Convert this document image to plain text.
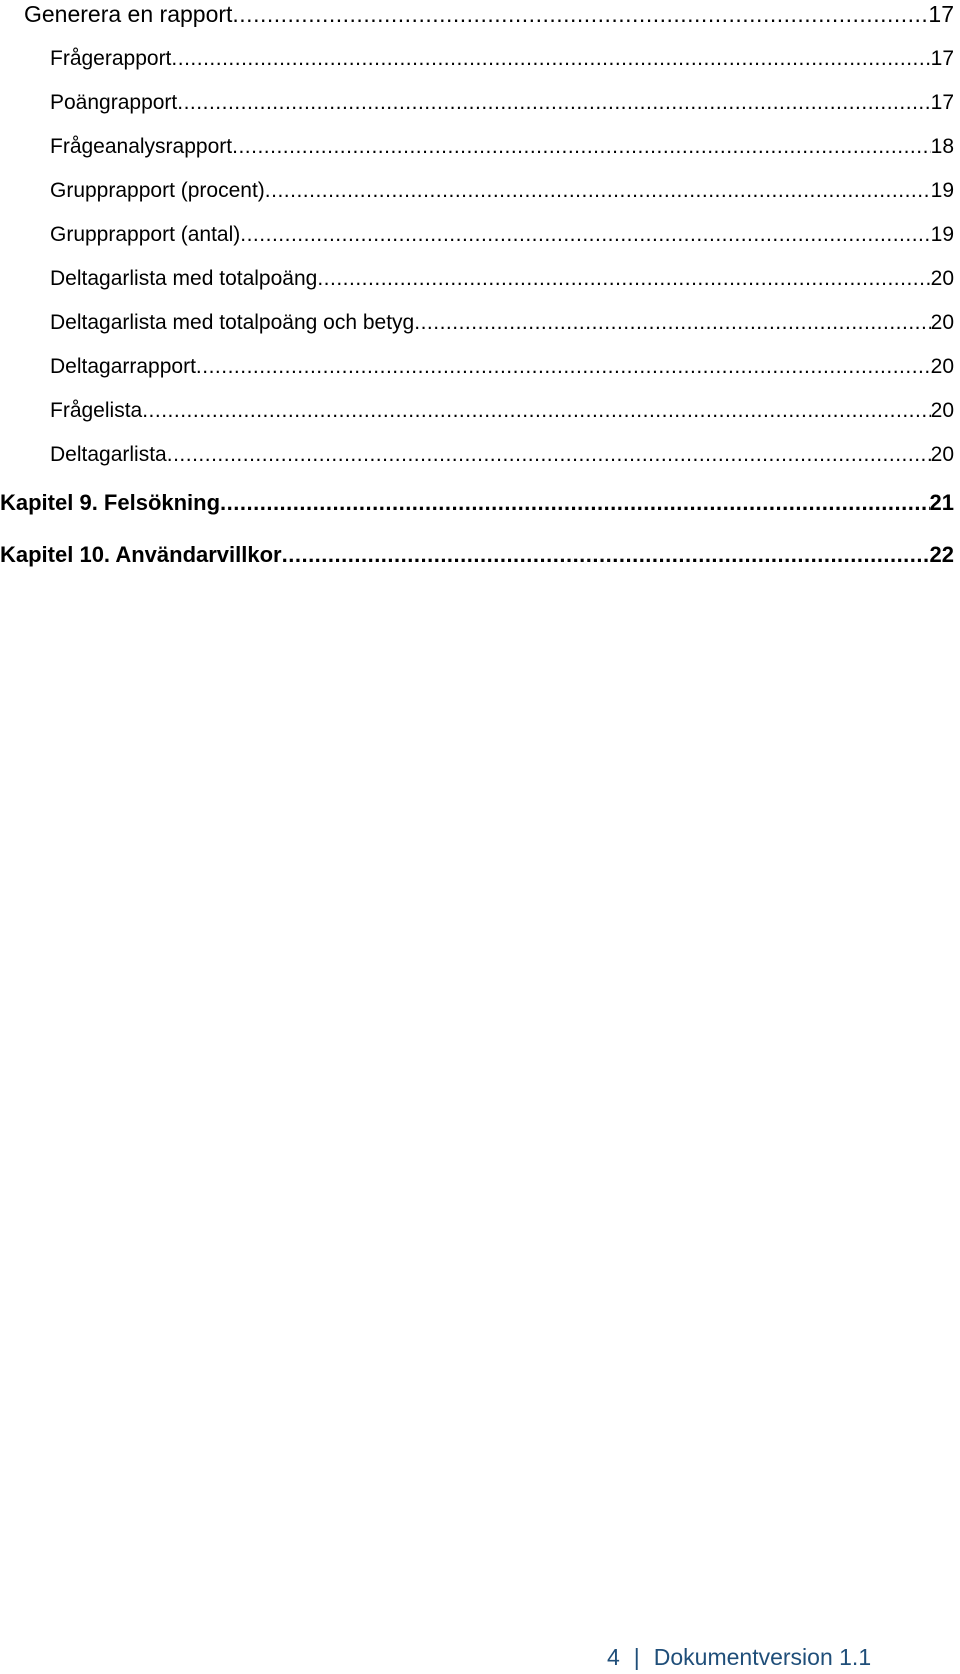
Generera en rapport .....	17
Frågerapport .....	17
Poängrapport .....	17
Frågeanalysrapport .....	18
Grupprapport (procent) .....	19
Grupprapport (antal) .....	19
Deltagarlista med totalpoäng .....	20
Deltagarlista med totalpoäng och betyg .....	20
Deltagarrapport .....	20
Frågelista .....	20
Deltagarlista .....	20
Kapitel 9. Felsökning .....	21
Kapitel 10. Användarvillkor .....	22
4 | Dokumentversion 1.1
